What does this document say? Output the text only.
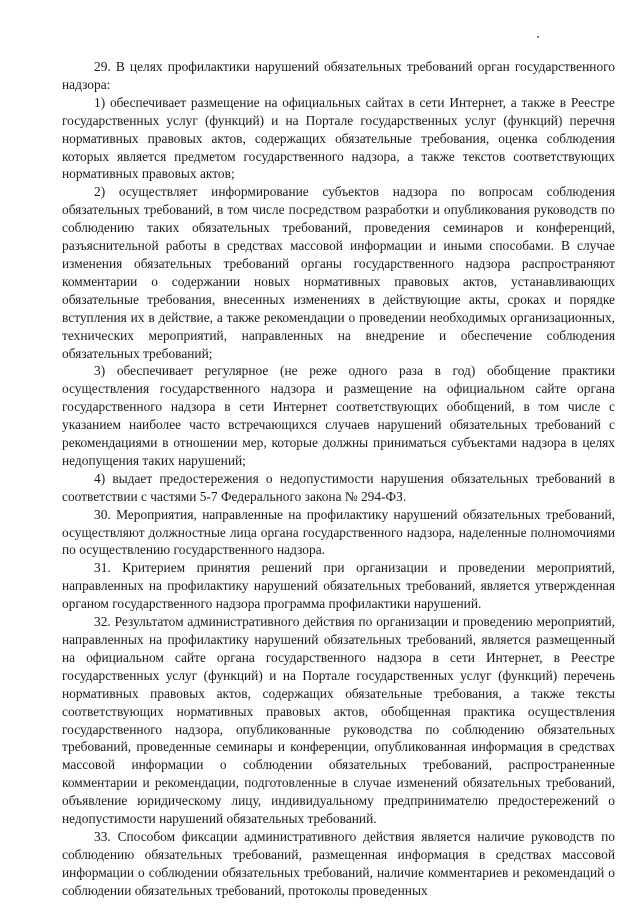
29. В целях профилактики нарушений обязательных требований орган государственного надзора:

1) обеспечивает размещение на официальных сайтах в сети Интернет, а также в Реестре государственных услуг (функций) и на Портале государственных услуг (функций) перечня нормативных правовых актов, содержащих обязательные требования, оценка соблюдения которых является предметом государственного надзора, а также текстов соответствующих нормативных правовых актов;

2) осуществляет информирование субъектов надзора по вопросам соблюдения обязательных требований, в том числе посредством разработки и опубликования руководств по соблюдению таких обязательных требований, проведения семинаров и конференций, разъяснительной работы в средствах массовой информации и иными способами. В случае изменения обязательных требований органы государственного надзора распространяют комментарии о содержании новых нормативных правовых актов, устанавливающих обязательные требования, внесенных изменениях в действующие акты, сроках и порядке вступления их в действие, а также рекомендации о проведении необходимых организационных, технических мероприятий, направленных на внедрение и обеспечение соблюдения обязательных требований;

3) обеспечивает регулярное (не реже одного раза в год) обобщение практики осуществления государственного надзора и размещение на официальном сайте органа государственного надзора в сети Интернет соответствующих обобщений, в том числе с указанием наиболее часто встречающихся случаев нарушений обязательных требований с рекомендациями в отношении мер, которые должны приниматься субъектами надзора в целях недопущения таких нарушений;

4) выдает предостережения о недопустимости нарушения обязательных требований в соответствии с частями 5-7 Федерального закона № 294-ФЗ.

30. Мероприятия, направленные на профилактику нарушений обязательных требований, осуществляют должностные лица органа государственного надзора, наделенные полномочиями по осуществлению государственного надзора.

31. Критерием принятия решений при организации и проведении мероприятий, направленных на профилактику нарушений обязательных требований, является утвержденная органом государственного надзора программа профилактики нарушений.

32. Результатом административного действия по организации и проведению мероприятий, направленных на профилактику нарушений обязательных требований, является размещенный на официальном сайте органа государственного надзора в сети Интернет, в Реестре государственных услуг (функций) и на Портале государственных услуг (функций) перечень нормативных правовых актов, содержащих обязательные требования, а также тексты соответствующих нормативных правовых актов, обобщенная практика осуществления государственного надзора, опубликованные руководства по соблюдению обязательных требований, проведенные семинары и конференции, опубликованная информация в средствах массовой информации о соблюдении обязательных требований, распространенные комментарии и рекомендации, подготовленные в случае изменений обязательных требований, объявление юридическому лицу, индивидуальному предпринимателю предостережений о недопустимости нарушений обязательных требований.

33. Способом фиксации административного действия является наличие руководств по соблюдению обязательных требований, размещенная информация в средствах массовой информации о соблюдении обязательных требований, наличие комментариев и рекомендаций о соблюдении обязательных требований, протоколы проведенных
